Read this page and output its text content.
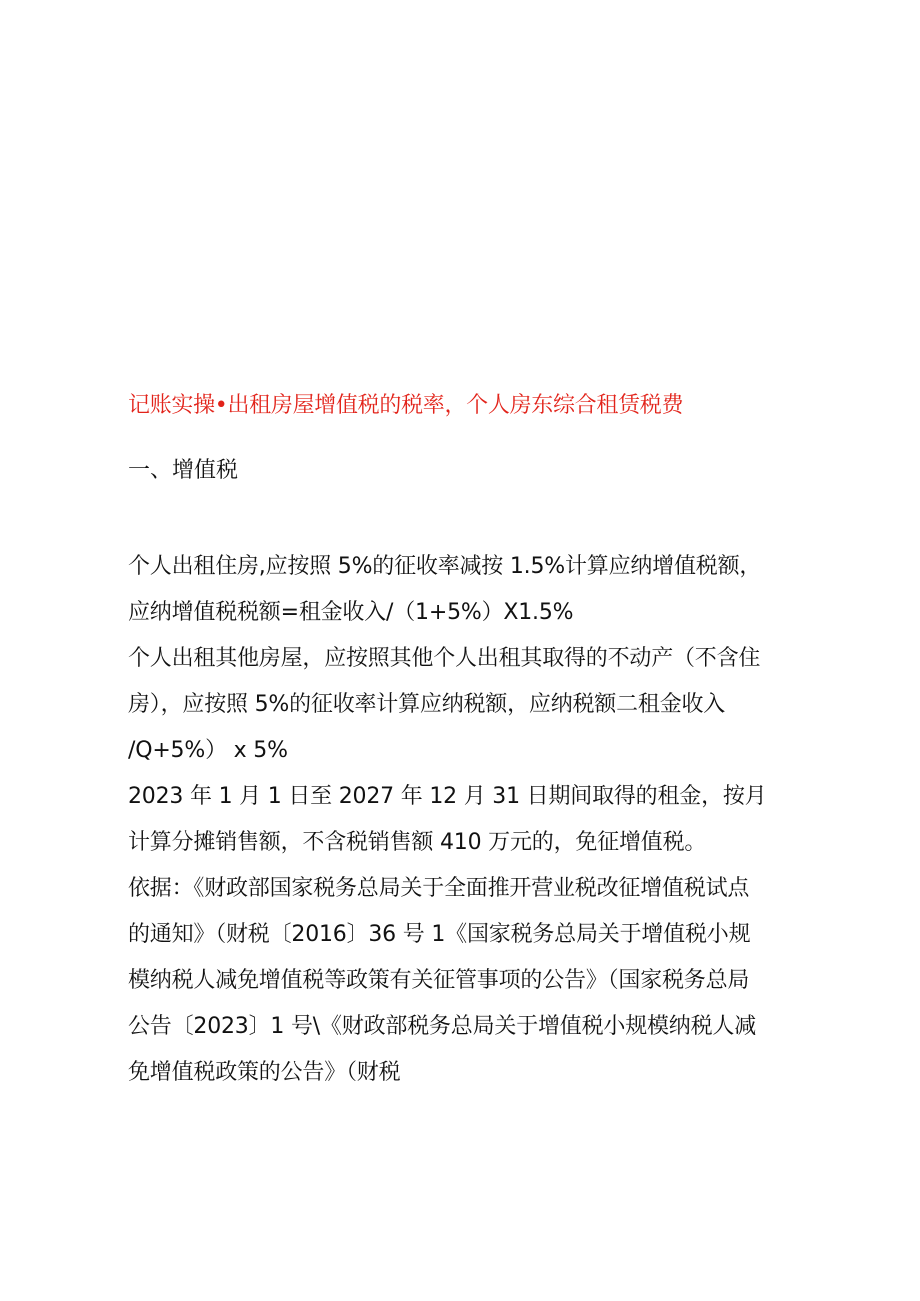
记账实操•出租房屋增值税的税率，个人房东综合租赁税费
一、增值税
个人出租住房,应按照 5%的征收率减按 1.5%计算应纳增值税额，
应纳增值税税额=租金收入/（1+5%）X1.5%
个人出租其他房屋，应按照其他个人出租其取得的不动产（不含住
房），应按照 5%的征收率计算应纳税额，应纳税额二租金收入
/Q+5%） x 5%
2023 年 1 月 1 日至 2027 年 12 月 31 日期间取得的租金，按月
计算分摊销售额，不含税销售额 410 万元的，免征增值税。
依据：《财政部国家税务总局关于全面推开营业税改征增值税试点
的通知》（财税〔2016〕36 号 1《国家税务总局关于增值税小规
模纳税人减免增值税等政策有关征管事项的公告》（国家税务总局
公告〔2023〕1 号\《财政部税务总局关于增值税小规模纳税人减
免增值税政策的公告》（财税
